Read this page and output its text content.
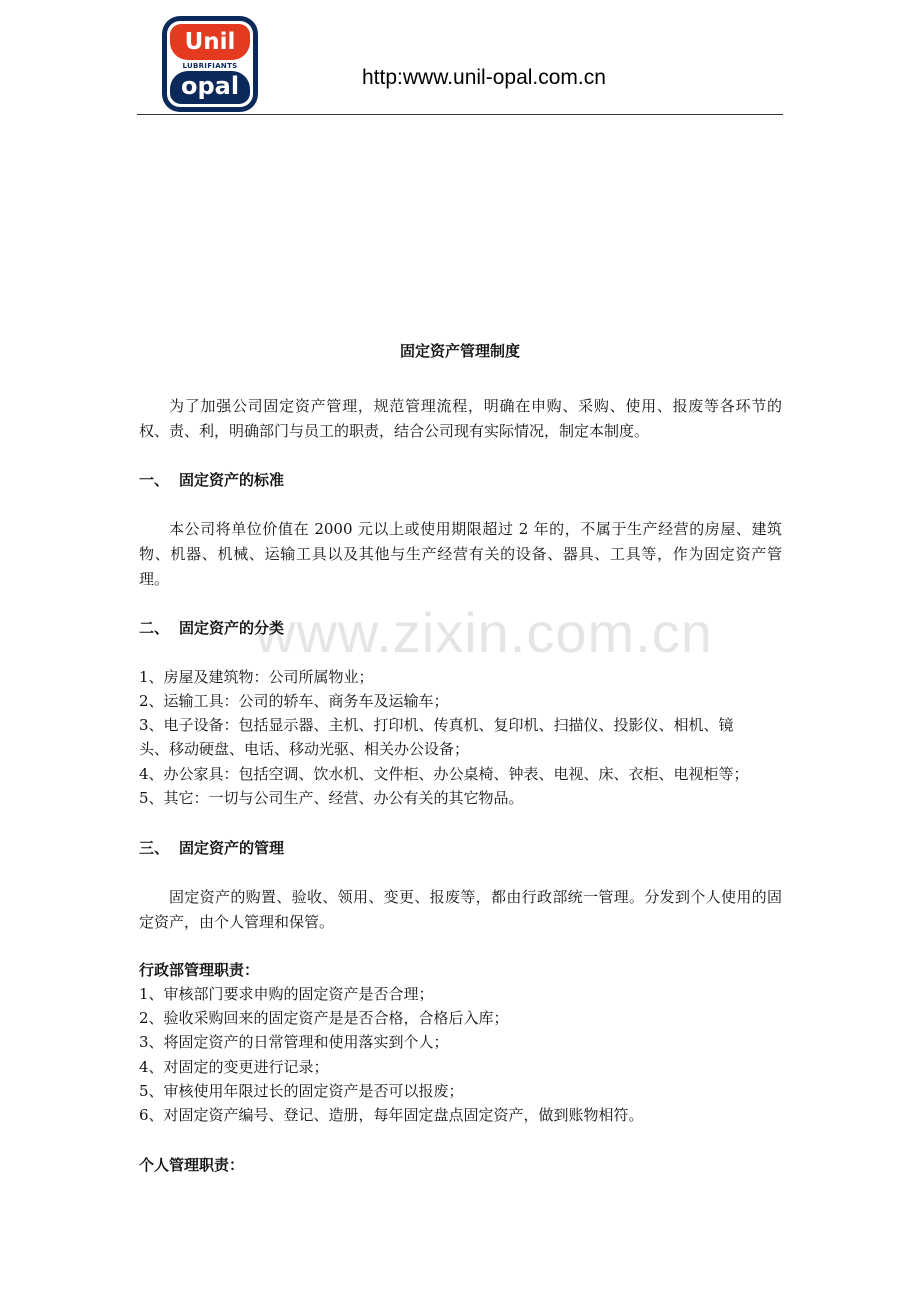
Unil
LUBRIFIANTS
opal	http:www.unil-opal.com.cn
www.zixin.com.cn
固定资产管理制度
为了加强公司固定资产管理，规范管理流程，明确在申购、采购、使用、报废等各环节的权、责、利，明确部门与员工的职责，结合公司现有实际情况，制定本制度。
一、 固定资产的标准
本公司将单位价值在 2000 元以上或使用期限超过 2 年的，不属于生产经营的房屋、建筑物、机器、机械、运输工具以及其他与生产经营有关的设备、器具、工具等，作为固定资产管理。
二、 固定资产的分类
1、房屋及建筑物：公司所属物业；
2、运输工具：公司的轿车、商务车及运输车；
3、电子设备：包括显示器、主机、打印机、传真机、复印机、扫描仪、投影仪、相机、镜
头、移动硬盘、电话、移动光驱、相关办公设备；
4、办公家具：包括空调、饮水机、文件柜、办公桌椅、钟表、电视、床、衣柜、电视柜等；
5、其它：一切与公司生产、经营、办公有关的其它物品。
三、 固定资产的管理
固定资产的购置、验收、领用、变更、报废等，都由行政部统一管理。分发到个人使用的固定资产，由个人管理和保管。
行政部管理职责：
1、审核部门要求申购的固定资产是否合理；
2、验收采购回来的固定资产是是否合格，合格后入库；
3、将固定资产的日常管理和使用落实到个人；
4、对固定的变更进行记录；
5、审核使用年限过长的固定资产是否可以报废；
6、对固定资产编号、登记、造册，每年固定盘点固定资产，做到账物相符。
个人管理职责：
